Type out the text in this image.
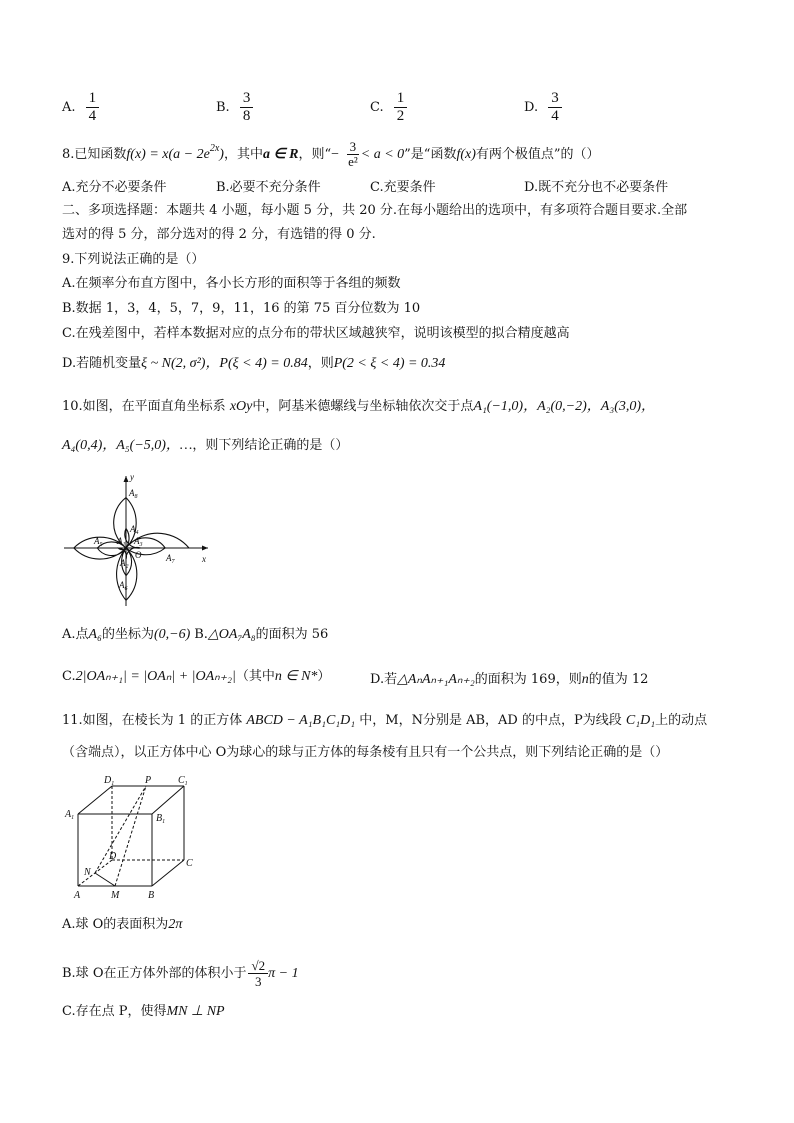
A. $\frac{1}{4}$	B. $\frac{3}{8}$	C. $\frac{1}{2}$	D. $\frac{3}{4}$
8.已知函数$f(x) = x(a - 2e^{2x})$，其中a ∈ R，则“− $\frac{3}{\text{e²}} < a < 0$”是“函数f(x)有两个极值点”的（）
A.充分不必要条件	B.必要不充分条件	C.充要条件	D.既不充分也不必要条件
二、多项选择题：本题共 4 小题，每小题 5 分，共 20 分.在每小题给出的选项中，有多项符合题目要求.全部
选对的得 5 分，部分选对的得 2 分，有选错的得 0 分.
9.下列说法正确的是（）
A.在频率分布直方图中，各小长方形的面积等于各组的频数
B.数据 1，3，4，5，7，9，11，16 的第 75 百分位数为 10
C.在残差图中，若样本数据对应的点分布的带状区域越狭窄，说明该模型的拟合精度越高
D.若随机变量ξ ~ N(2, σ²)，P(ξ < 4) = 0.84，则P(2 < ξ < 4) = 0.34
10.如图，在平面直角坐标系 xOy中，阿基米德螺线与坐标轴依次交于点A₁(−1,0)，A₂(0,−2)，A₃(3,0)，
A₄(0,4)，A₅(−5,0)，…，则下列结论正确的是（）
y
x
O
$A_1$
$A_2$
$A_3$
$A_4$
$A_5$
$A_6$
$A_7$
$A_8$
A.点A₆的坐标为(0,−6) B.△OA₇A₈的面积为 56
C.2|OAₙ₊₁| = |OAₙ| + |OAₙ₊₂|（其中n ∈ N*）	D.若△AₙAₙ₊₁Aₙ₊₂的面积为 169，则n的值为 12
11.如图，在棱长为 1 的正方体 ABCD − A₁B₁C₁D₁ 中，M，N分别是 AB，AD 的中点，P为线段 C₁D₁上的动点
（含端点），以正方体中心 O为球心的球与正方体的每条棱有且只有一个公共点，则下列结论正确的是（）
$D_1$	P	$C_1$
$A_1$	$B_1$
D
C
N
A	M	B
A.球 O的表面积为2π
B.球 O在正方体外部的体积小于 $\frac{√2}{3}$ π − 1
C.存在点 P，使得MN ⊥ NP
